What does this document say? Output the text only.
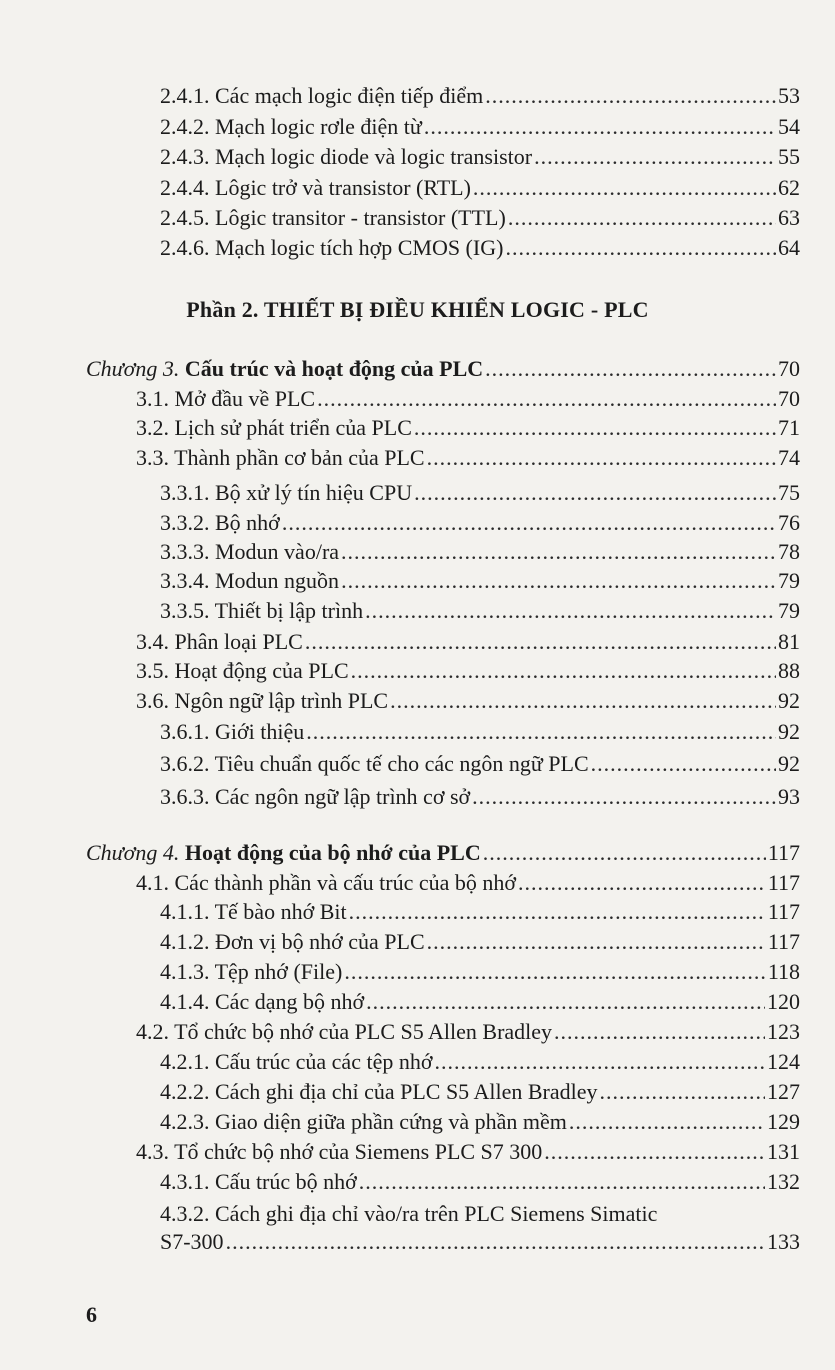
2.4.1. Các mạch logic điện tiếp điểm .....	53
2.4.2. Mạch logic rơle điện từ .....	54
2.4.3. Mạch logic diode và logic transistor .....	55
2.4.4. Lôgic trở và transistor (RTL) .....	62
2.4.5. Lôgic transitor - transistor (TTL) .....	63
2.4.6. Mạch logic tích hợp CMOS (IG) .....	64
Phần 2. THIẾT BỊ ĐIỀU KHIỂN LOGIC - PLC
Chương 3. Cấu trúc và hoạt động của PLC .....	70
3.1. Mở đầu về PLC .....	70
3.2. Lịch sử phát triển của PLC .....	71
3.3. Thành phần cơ bản của PLC .....	74
3.3.1. Bộ xử lý tín hiệu CPU .....	75
3.3.2. Bộ nhớ .....	76
3.3.3. Modun vào/ra .....	78
3.3.4. Modun nguồn .....	79
3.3.5. Thiết bị lập trình .....	79
3.4. Phân loại PLC .....	81
3.5. Hoạt động của PLC .....	88
3.6. Ngôn ngữ lập trình PLC .....	92
3.6.1. Giới thiệu .....	92
3.6.2. Tiêu chuẩn quốc tế cho các ngôn ngữ PLC .....	92
3.6.3. Các ngôn ngữ lập trình cơ sở .....	93
Chương 4. Hoạt động của bộ nhớ của PLC .....	117
4.1. Các thành phần và cấu trúc của bộ nhớ .....	117
4.1.1. Tế bào nhớ Bit .....	117
4.1.2. Đơn vị bộ nhớ của PLC .....	117
4.1.3. Tệp nhớ (File) .....	118
4.1.4. Các dạng bộ nhớ .....	120
4.2. Tổ chức bộ nhớ của PLC S5 Allen Bradley .....	123
4.2.1. Cấu trúc của các tệp nhớ .....	124
4.2.2. Cách ghi địa chỉ của PLC S5 Allen Bradley .....	127
4.2.3. Giao diện giữa phần cứng và phần mềm .....	129
4.3. Tổ chức bộ nhớ của Siemens PLC S7 300 .....	131
4.3.1. Cấu trúc bộ nhớ .....	132
4.3.2. Cách ghi địa chỉ vào/ra trên PLC Siemens Simatic
S7-300 .....	133
6
